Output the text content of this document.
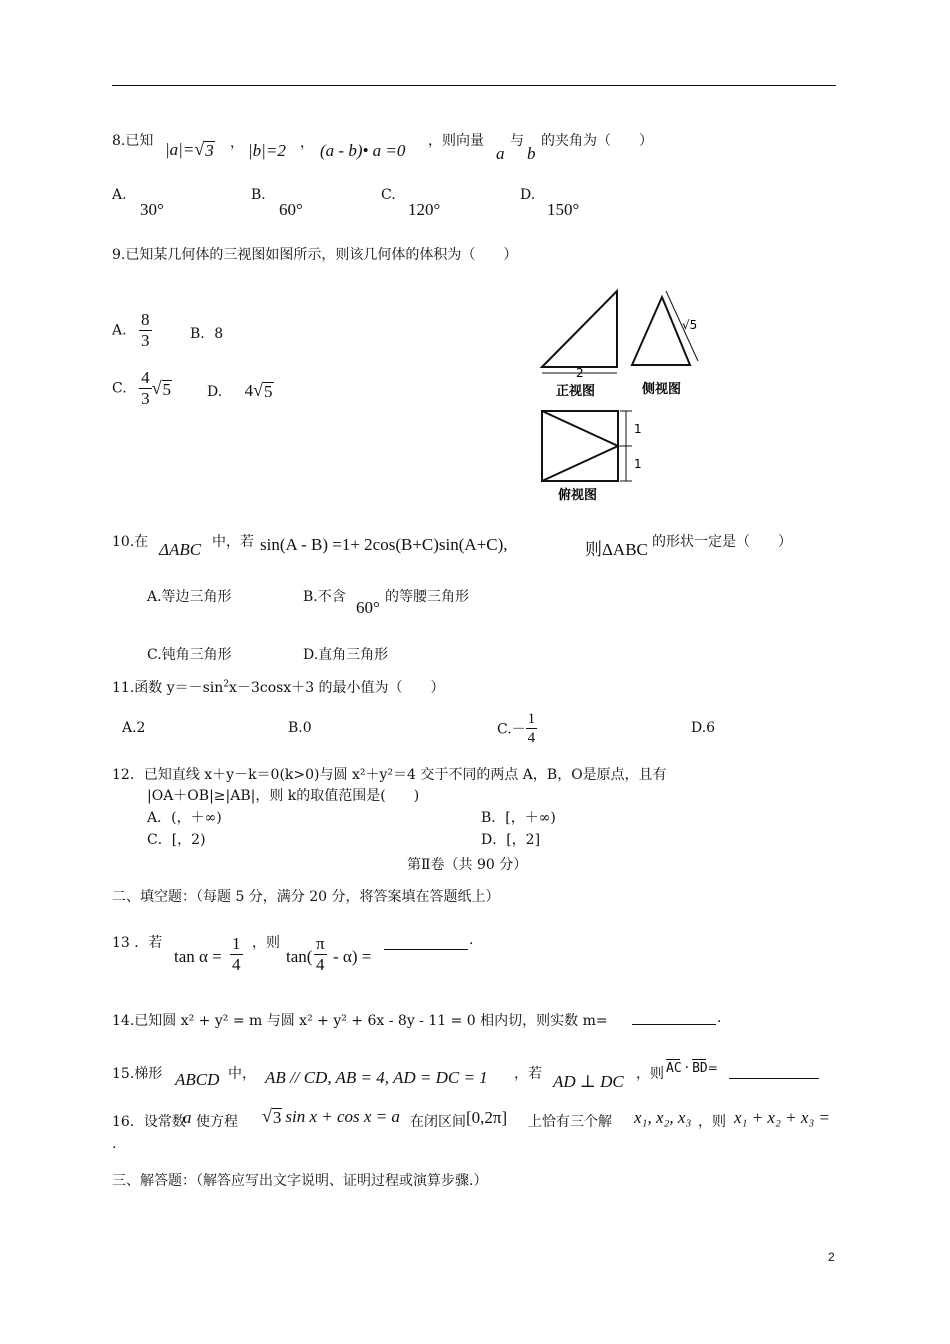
8.已知 |a|= √ 3 ， |b|=2 ， (a - b)• a =0 ，则向量
a
与
b
的夹角为（　　）
A.
30°
B.
60°
C.
120°
D.
150°
9.已知某几何体的三视图如图所示，则该几何体的体积为（　　）
A. $\frac{8}{3}$	B．8
C. $\frac{4}{3}$ √ 5	D. 4 √ 5
2
√5
正视图	侧视图
1
1
俯视图
10.在 ΔABC 中，若 sin(A - B) =1+ 2cos(B+C)sin(A+C),	则ΔABC 的形状一定是（　　）
A.等边三角形	B.不含
60°
的等腰三角形
C.钝角三角形	D.直角三角形
11.函数 $y=-\sin^2x-3\cos x+3$ 的最小值为（　　）
A.2	B.0	$C.- \frac{1}{4}$	D.6
12．已知直线 x＋y－k＝0(k>0)与圆 x²＋y²＝4 交于不同的两点 A，B，O是原点，且有
|OA＋OB|≥|AB|，则 k的取值范围是(　　)
A．(，＋∞)	B．[，＋∞)
C．[，2)	D．[，2]
第Ⅱ卷（共 90 分）
二、填空题：（每题 5 分，满分 20 分，将答案填在答题纸上）
13 ．若
$\tan \alpha = \frac{1}{4}$ ，则
$\tan( \frac{\pi}{4} - \alpha)$ =
.
14.已知圆 x² + y² = m 与圆 x² + y² + 6x - 8y - 11 = 0 相内切，则实数 m=	.
15.梯形 ABCD 中， AB // CD, AB = 4, AD = DC = 1 ，若 AD ⊥ DC ，则 AC · BD=
16．设常数
a 使方程 √ 3 sin x + cos x = a 在闭区间 [0,2π] 上恰有三个解 x₁, x₂, x₃ ，则 x₁ + x₂ + x₃ =
.
三、解答题：（解答应写出文字说明、证明过程或演算步骤.）
2
